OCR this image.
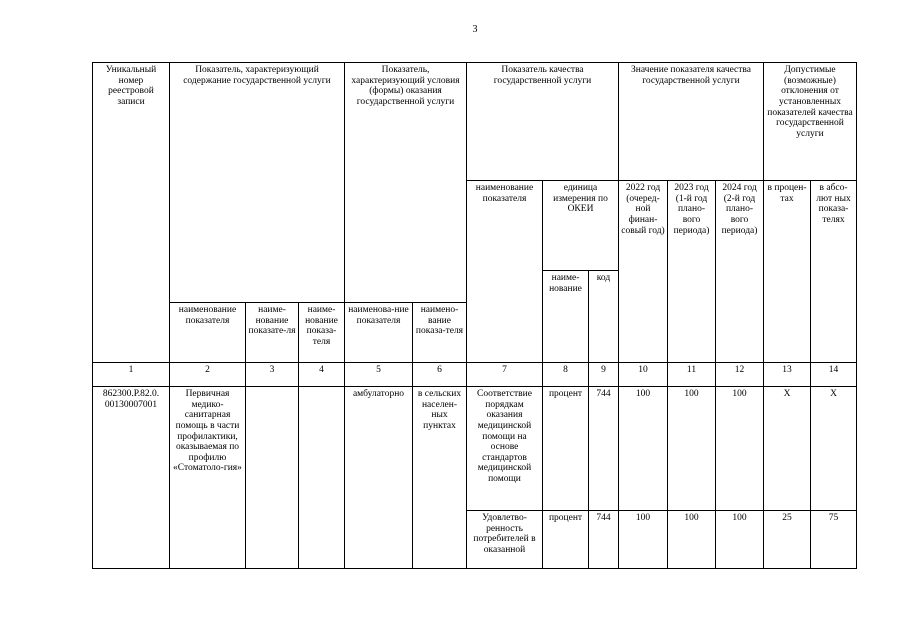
3
Уникальный номер реестровой записи	Показатель, характеризующий содержание государственной услуги			Показатель, характеризующий условия (формы) оказания государственной услуги		Показатель качества государственной услуги			Значение показателя качества государственной услуги			Допустимые (возможные) отклонения от установленных показателей качества государственной услуги	
						наименование показателя	единица измерения по ОКЕИ		2022 год (очеред-ной финан-совый год)	2023 год (1-й год плано-вого периода)	2024 год (2-й год плано-вого периода)	в процен-тах	в абсо-лют ных показа-телях
							наиме-нование	код					
	наименование показателя	наиме-нование показате-ля	наиме-нование показа-теля	наименова-ние показателя	наимено-вание показа-теля								
1	2	3	4	5	6	7	8	9	10	11	12	13	14
862300.Р.82.0. 00130007001	Первичная медико-санитарная помощь в части профилактики, оказываемая по профилю «Стоматоло-гия»			амбулаторно	в сельских населен-ных пунктах	Соответствие порядкам оказания медицинской помощи на основе стандартов медицинской помощи	процент	744	100	100	100	Х	Х
						Удовлетво-ренность потребителей в оказанной	процент	744	100	100	100	25	75
